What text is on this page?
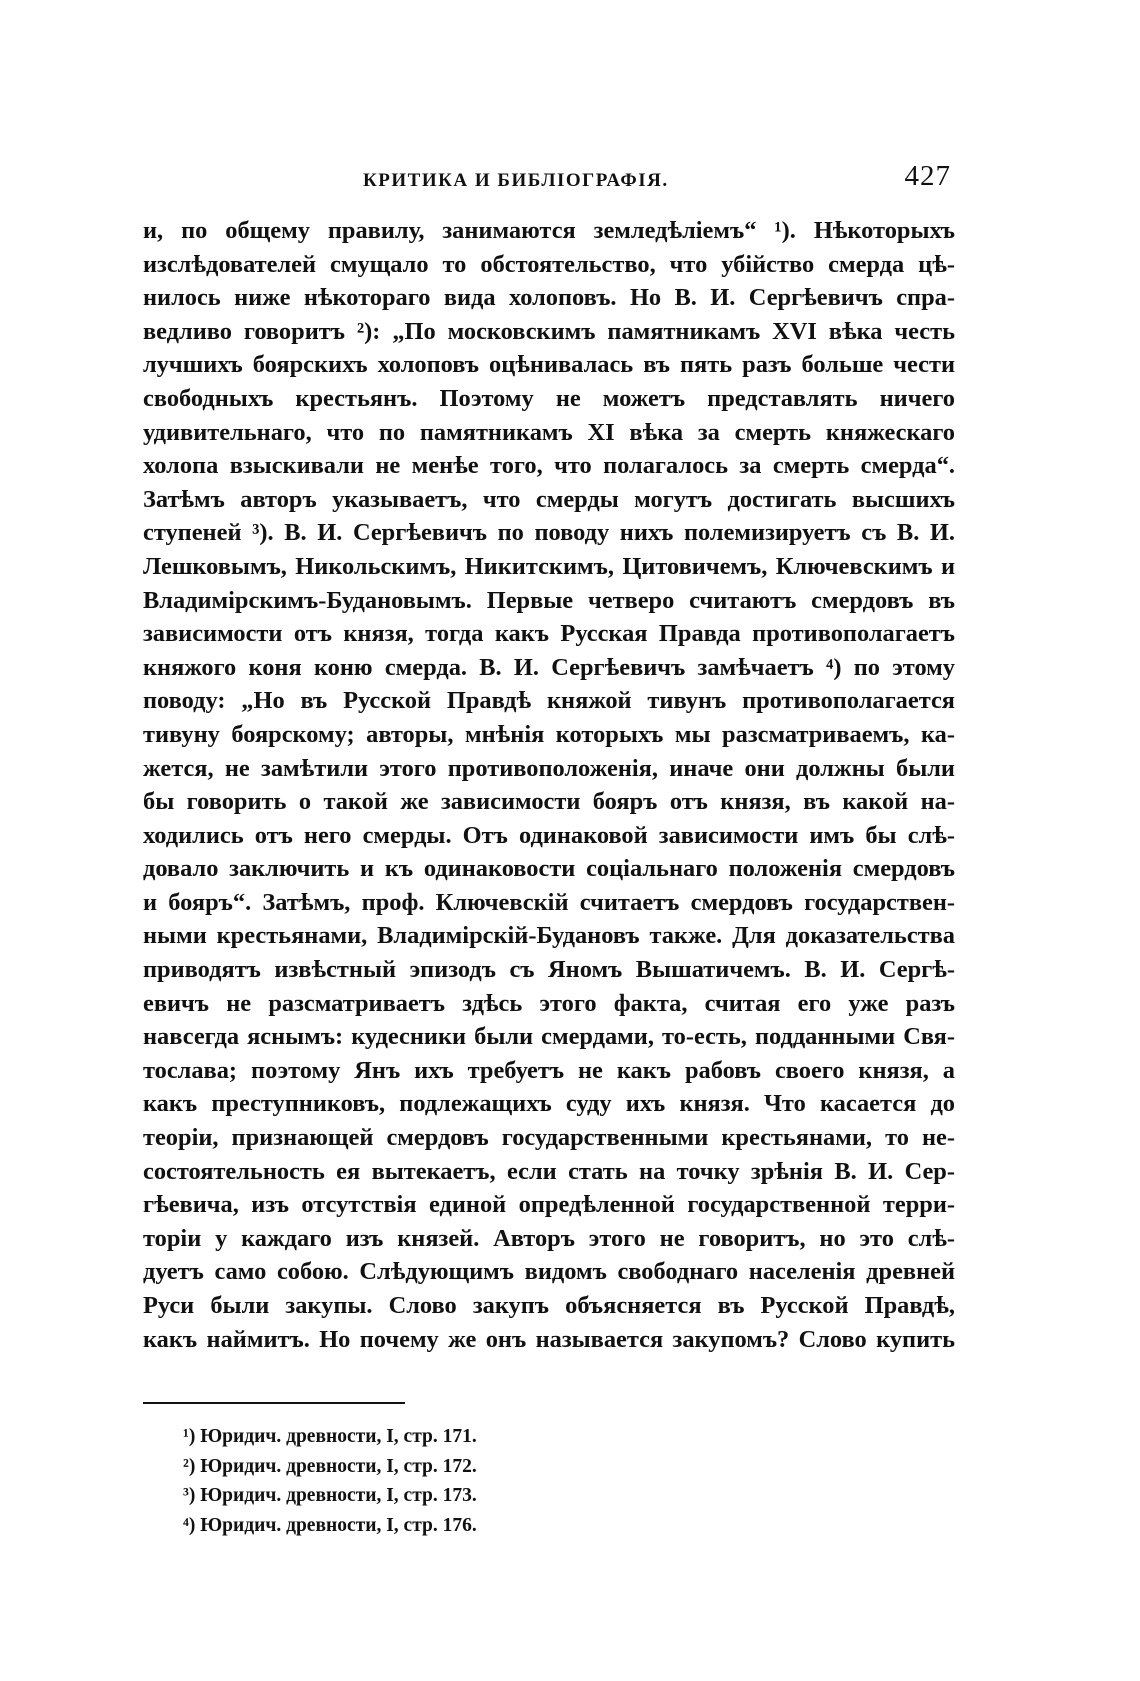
КРИТИКА И БИБЛІОГРАФІЯ.	427
и, по общему правилу, занимаются земледѣліемъ“ ¹). Нѣкоторыхъ
изслѣдователей смущало то обстоятельство, что убійство смерда цѣ-
нилось ниже нѣкотораго вида холоповъ. Но В. И. Сергѣевичъ спра-
ведливо говоритъ ²): „По московскимъ памятникамъ XVI вѣка честь
лучшихъ боярскихъ холоповъ оцѣнивалась въ пять разъ больше чести
свободныхъ крестьянъ. Поэтому не можетъ представлять ничего
удивительнаго, что по памятникамъ XI вѣка за смерть княжескаго
холопа взыскивали не менѣе того, что полагалось за смерть смерда“.
Затѣмъ авторъ указываетъ, что смерды могутъ достигать высшихъ
ступеней ³). В. И. Сергѣевичъ по поводу нихъ полемизируетъ съ В. И.
Лешковымъ, Никольскимъ, Никитскимъ, Цитовичемъ, Ключевскимъ и
Владимірскимъ-Будановымъ. Первые четверо считаютъ смердовъ въ
зависимости отъ князя, тогда какъ Русская Правда противополагаетъ
княжого коня коню смерда. В. И. Сергѣевичъ замѣчаетъ ⁴) по этому
поводу: „Но въ Русской Правдѣ княжой тивунъ противополагается
тивуну боярскому; авторы, мнѣнія которыхъ мы разсматриваемъ, ка-
жется, не замѣтили этого противоположенія, иначе они должны были
бы говорить о такой же зависимости бояръ отъ князя, въ какой на-
ходились отъ него смерды. Отъ одинаковой зависимости имъ бы слѣ-
довало заключить и къ одинаковости соціальнаго положенія смердовъ
и бояръ“. Затѣмъ, проф. Ключевскій считаетъ смердовъ государствен-
ными крестьянами, Владимірскій-Будановъ также. Для доказательства
приводятъ извѣстный эпизодъ съ Яномъ Вышатичемъ. В. И. Сергѣ-
евичъ не разсматриваетъ здѣсь этого факта, считая его уже разъ
навсегда яснымъ: кудесники были смердами, то-есть, подданными Свя-
тослава; поэтому Янъ ихъ требуетъ не какъ рабовъ своего князя, а
какъ преступниковъ, подлежащихъ суду ихъ князя. Что касается до
теоріи, признающей смердовъ государственными крестьянами, то не-
состоятельность ея вытекаетъ, если стать на точку зрѣнія В. И. Сер-
гѣевича, изъ отсутствія единой опредѣленной государственной терри-
торіи у каждаго изъ князей. Авторъ этого не говоритъ, но это слѣ-
дуетъ само собою. Слѣдующимъ видомъ свободнаго населенія древней
Руси были закупы. Слово закупъ объясняется въ Русской Правдѣ,
какъ наймитъ. Но почему же онъ называется закупомъ? Слово купить
¹) Юридич. древности, I, стр. 171.
²) Юридич. древности, I, стр. 172.
³) Юридич. древности, I, стр. 173.
⁴) Юридич. древности, I, стр. 176.
